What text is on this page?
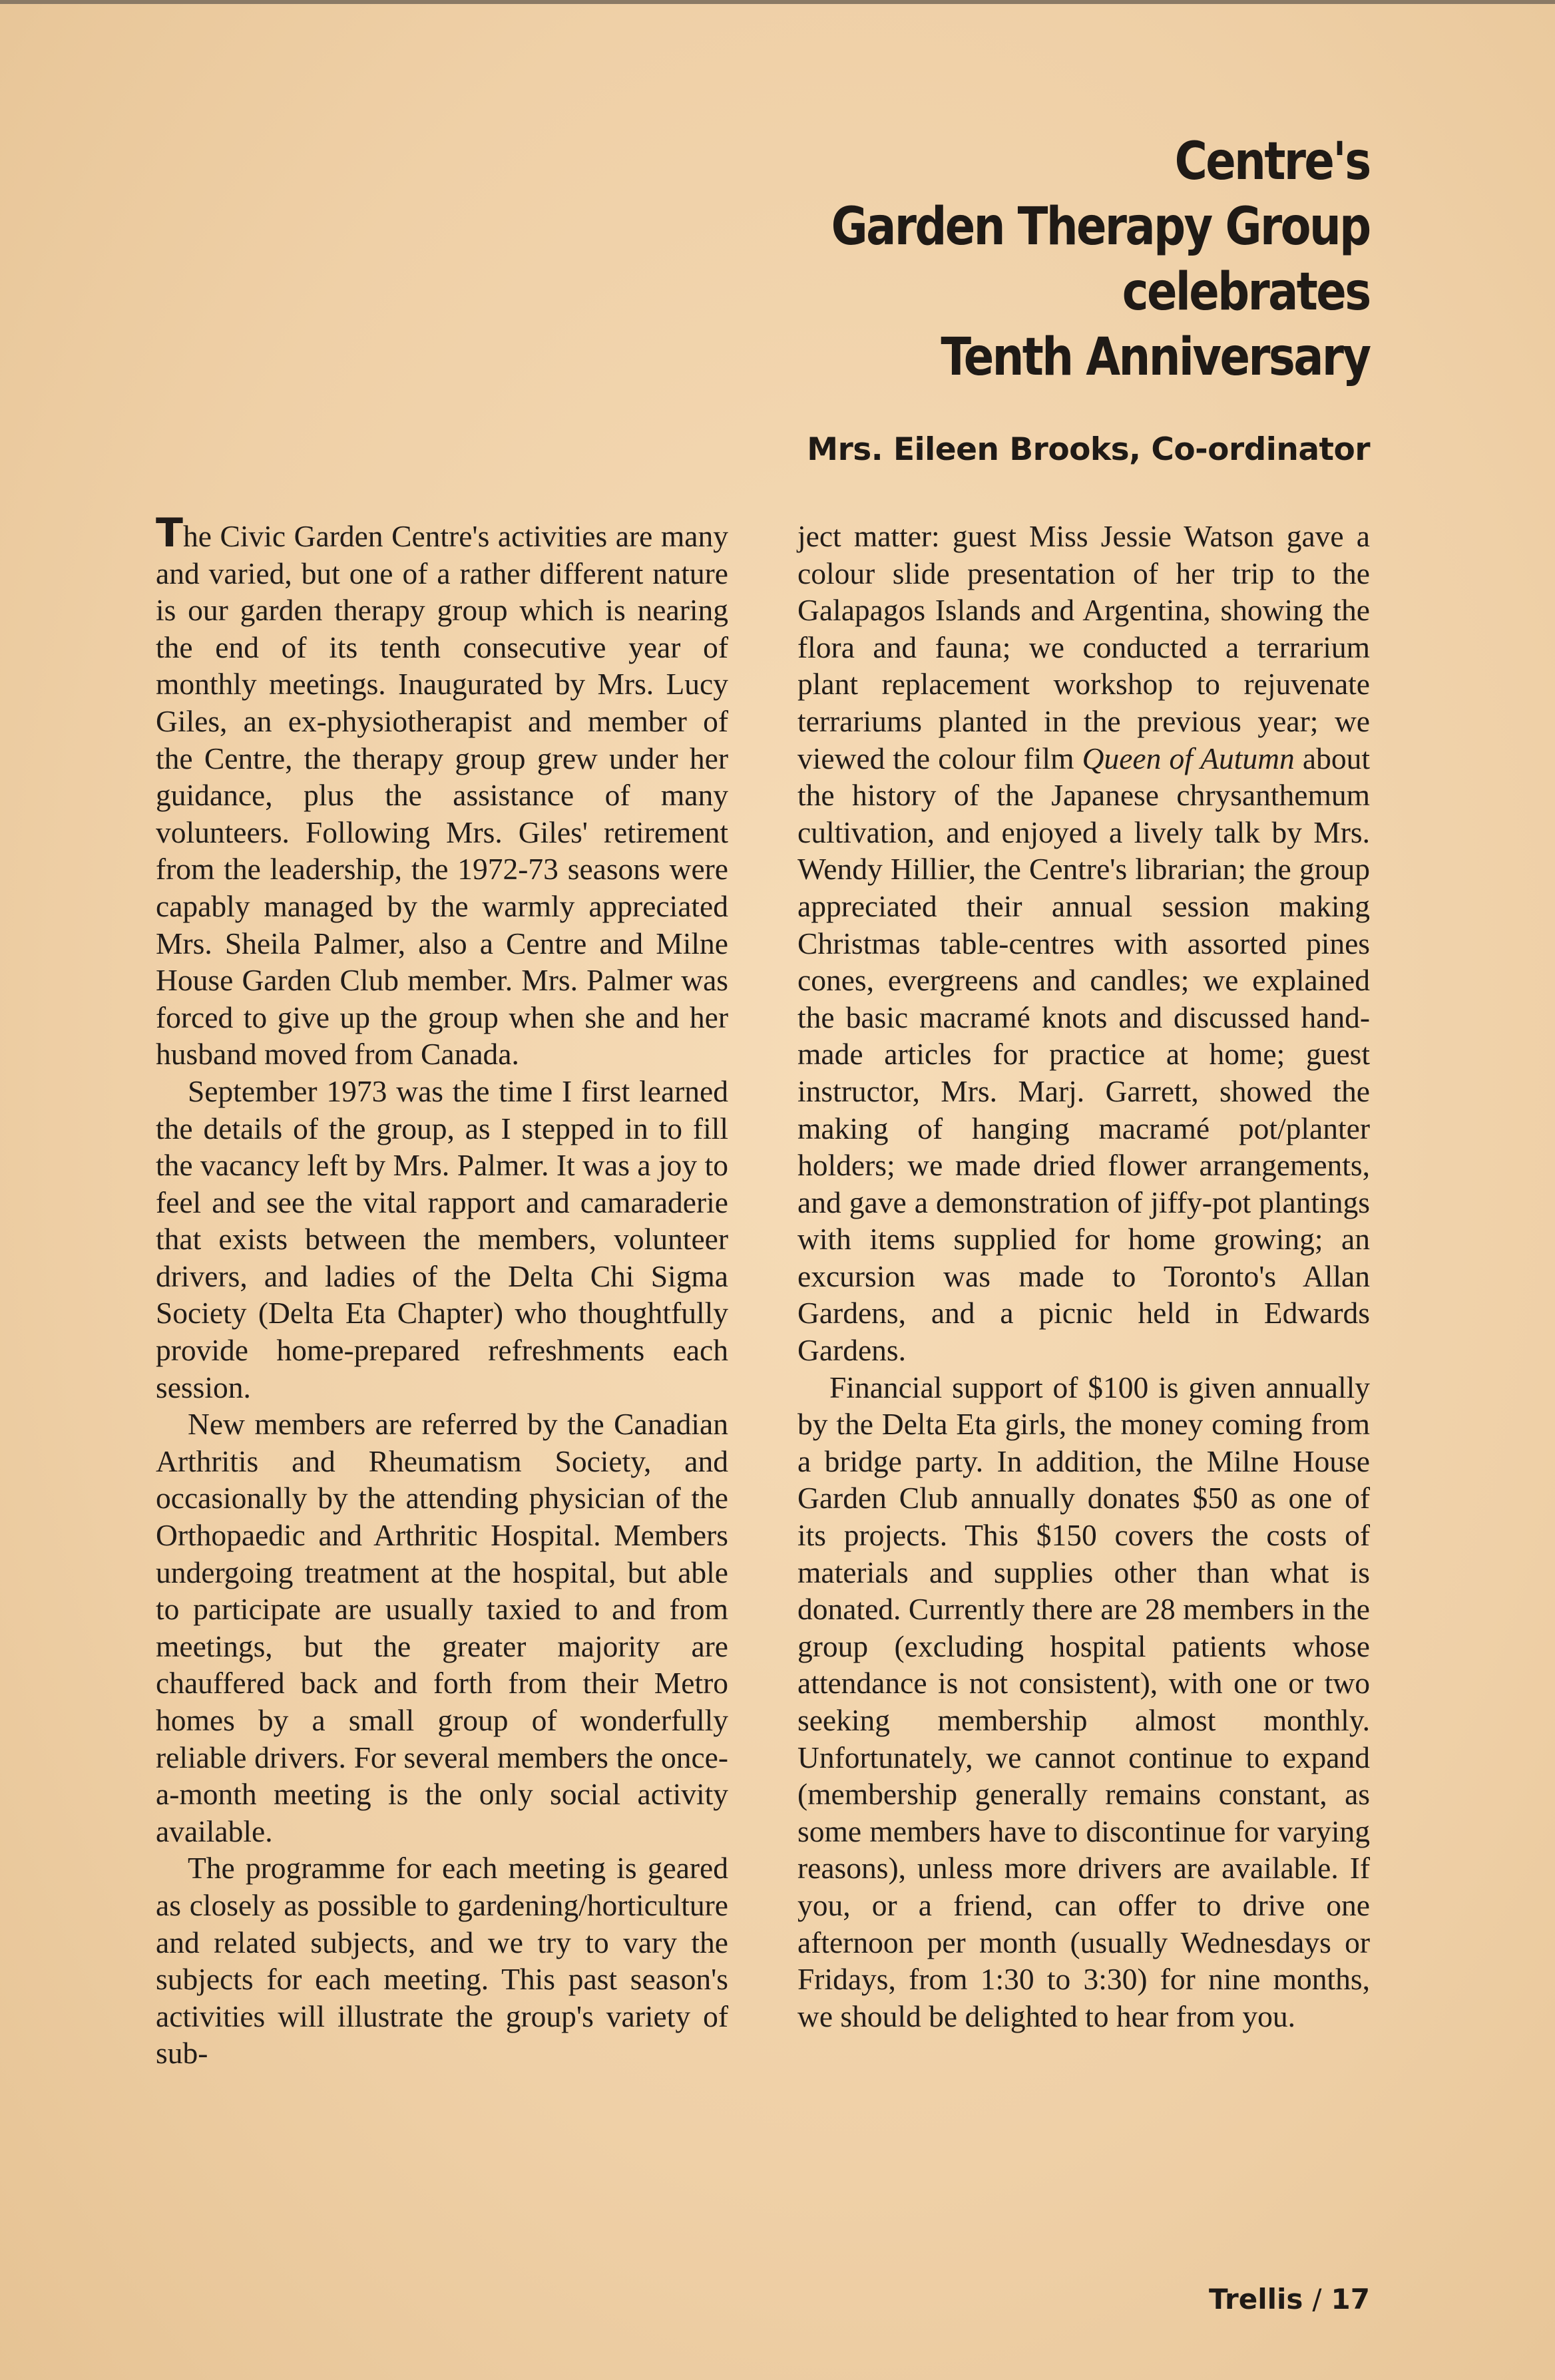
Centre's
Garden Therapy Group
celebrates
Tenth Anniversary
Mrs. Eileen Brooks, Co-ordinator

The Civic Garden Centre's activities are many and varied, but one of a rather different nature is our garden therapy group which is nearing the end of its tenth consecutive year of monthly meetings. Inaugurated by Mrs. Lucy Giles, an ex-physiotherapist and member of the Centre, the therapy group grew under her guidance, plus the assistance of many volunteers. Following Mrs. Giles' retirement from the leadership, the 1972-73 seasons were capably managed by the warmly appreciated Mrs. Sheila Palmer, also a Centre and Milne House Garden Club member. Mrs. Palmer was forced to give up the group when she and her husband moved from Canada.

September 1973 was the time I first learned the details of the group, as I stepped in to fill the vacancy left by Mrs. Palmer. It was a joy to feel and see the vital rapport and camaraderie that exists between the members, volunteer drivers, and ladies of the Delta Chi Sigma Society (Delta Eta Chapter) who thoughtfully provide home-prepared refreshments each session.

New members are referred by the Canadian Arthritis and Rheumatism Society, and occasionally by the attending physician of the Orthopaedic and Arthritic Hospital. Members undergoing treatment at the hospital, but able to participate are usually taxied to and from meetings, but the greater majority are chauffered back and forth from their Metro homes by a small group of wonderfully reliable drivers. For several members the once-a-month meeting is the only social activity available.

The programme for each meeting is geared as closely as possible to gardening/horticulture and related subjects, and we try to vary the subjects for each meeting. This past season's activities will illustrate the group's variety of sub-

ject matter: guest Miss Jessie Watson gave a colour slide presentation of her trip to the Galapagos Islands and Argentina, showing the flora and fauna; we conducted a terrarium plant replacement workshop to rejuvenate terrariums planted in the previous year; we viewed the colour film Queen of Autumn about the history of the Japanese chrysanthemum cultivation, and enjoyed a lively talk by Mrs. Wendy Hillier, the Centre's librarian; the group appreciated their annual session making Christmas table-centres with assorted pines cones, evergreens and candles; we explained the basic macramé knots and discussed hand-made articles for practice at home; guest instructor, Mrs. Marj. Garrett, showed the making of hanging macramé pot/planter holders; we made dried flower arrangements, and gave a demonstration of jiffy-pot plantings with items supplied for home growing; an excursion was made to Toronto's Allan Gardens, and a picnic held in Edwards Gardens.

Financial support of $100 is given annually by the Delta Eta girls, the money coming from a bridge party. In addition, the Milne House Garden Club annually donates $50 as one of its projects. This $150 covers the costs of materials and supplies other than what is donated. Currently there are 28 members in the group (excluding hospital patients whose attendance is not consistent), with one or two seeking membership almost monthly. Unfortunately, we cannot continue to expand (membership generally remains constant, as some members have to discontinue for varying reasons), unless more drivers are available. If you, or a friend, can offer to drive one afternoon per month (usually Wednesdays or Fridays, from 1:30 to 3:30) for nine months, we should be delighted to hear from you.

Trellis / 17
